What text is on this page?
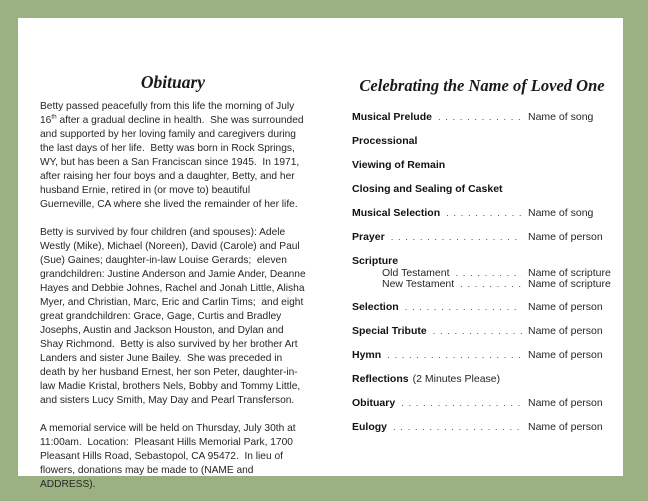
Obituary

Betty passed peacefully from this life the morning of July 16th after a gradual decline in health.  She was surrounded and supported by her loving family and caregivers during the last days of her life.  Betty was born in Rock Springs, WY, but has been a San Franciscan since 1945.  In 1971, after raising her four boys and a daughter, Betty, and her husband Ernie, retired in (or move to) beautiful Guerneville, CA where she lived the remainder of her life.

Betty is survived by four children (and spouses): Adele Westly (Mike), Michael (Noreen), David (Carole) and Paul (Sue) Gaines; daughter-in-law Louise Gerards;  eleven grandchildren: Justine Anderson and Jamie Ander, Deanne Hayes and Debbie Johnes, Rachel and Jonah Little, Alisha Myer, and Christian, Marc, Eric and Carlin Tims;  and eight great grandchildren: Grace, Gage, Curtis and Bradley Josephs, Austin and Jackson Houston, and Dylan and Shay Richmond.  Betty is also survived by her brother Art Landers and sister June Bailey.  She was preceded in death by her husband Ernest, her son Peter, daughter-in-law Madie Kristal, brothers Nels, Bobby and Tommy Little, and sisters Lucy Smith, May Day and Pearl Transferson.

A memorial service will be held on Thursday, July 30th at 11:00am.  Location:  Pleasant Hills Memorial Park, 1700 Pleasant Hills Road, Sebastopol, CA 95472.  In lieu of flowers, donations may be made to (NAME and ADDRESS).

Celebrating the Name of Loved One
Musical Prelude . . .	Name of song
Processional
Viewing of Remain
Closing and Sealing of Casket
Musical Selection . . .	Name of song
Prayer . . .	Name of person
Scripture
Old Testament . . .	Name of scripture
New Testament . . .	Name of scripture
Selection . . .	Name of person
Special Tribute . . .	Name of person
Hymn . . .	Name of person
Reflections (2 Minutes Please)
Obituary . . .	Name of person
Eulogy . . .	Name of person
